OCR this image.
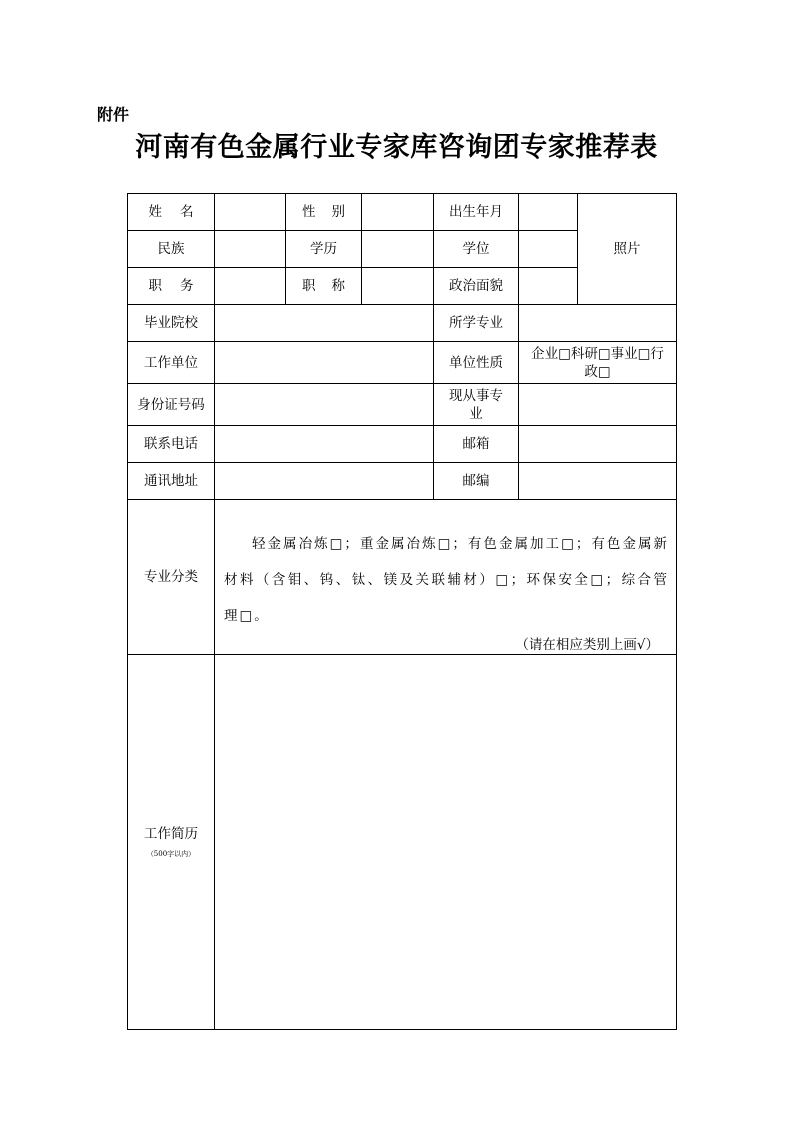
附件
河南有色金属行业专家库咨询团专家推荐表
姓名		性别		出生年月		照片
民族		学历		学位		
职务		职称		政治面貌		
毕业院校				所学专业		
工作单位				单位性质	企业□科研□事业□行政□	
身份证号码				现从事专业		
联系电话				邮箱		
通讯地址				邮编		
专业分类	轻金属冶炼□；重金属冶炼□；有色金属加工□；有色金属新材料（含钼、钨、钛、镁及关联辅材）□；环保安全□；综合管理□。

（请在相应类别上画√）					

工作简历
（500字以内）						
